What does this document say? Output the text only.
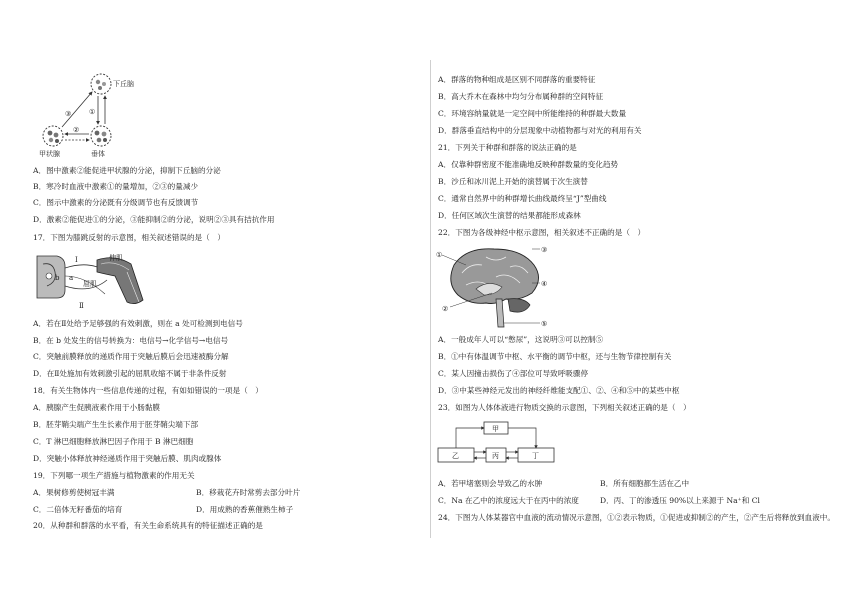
下丘脑
甲状腺	垂体
③
②
①
A．图中激素②能促进甲状腺的分泌，抑制下丘脑的分泌
B．寒冷时血液中激素①的量增加，②③的量减少
C．图示中激素的分泌既有分级调节也有反馈调节
D．激素②能促进①的分泌，③能抑制②的分泌，说明②③具有拮抗作用
17．下图为膝跳反射的示意图，相关叙述错误的是（　）
伸肌
屈肌
Ⅰ
Ⅱ
a
b
A．若在Ⅱ处给予足够强的有效刺激，则在 a 处可检测到电信号
B．在 b 处发生的信号转换为：电信号→化学信号→电信号
C．突触前膜释放的递质作用于突触后膜后会迅速被酶分解
D．在Ⅱ处施加有效刺激引起的屈肌收缩不属于非条件反射
18．有关生物体内一些信息传递的过程，有如如错误的一项是（　）
A．胰腺产生促胰液素作用于小肠黏膜
B．胚芽鞘尖端产生生长素作用于胚芽鞘尖端下部
C．T 淋巴细胞释放淋巴因子作用于 B 淋巴细胞
D．突触小体释放神经递质作用于突触后膜、肌肉或腺体
19．下列哪一项生产措施与植物激素的作用无关
A．果树修剪使树冠丰满	B．移栽花卉时常剪去部分叶片
C．二倍体无籽番茄的培育	D．用成熟的香蕉催熟生柿子
20．从种群和群落的水平看，有关生命系统具有的特征描述正确的是
A．群落的物种组成是区别不同群落的重要特征
B．高大乔木在森林中均匀分布属种群的空间特征
C．环境容纳量就是一定空间中所能维持的种群最大数量
D．群落垂直结构中的分层现象中动植物都与对光的利用有关
21．下列关于种群和群落的说法正确的是
A．仅靠种群密度不能准确地反映种群数量的变化趋势
B．沙丘和冰川泥上开始的演替属于次生演替
C．通常自然界中的种群增长曲线最终呈“J”型曲线
D．任何区域次生演替的结果都能形成森林
22．下图为各级神经中枢示意图，相关叙述不正确的是（　）
①
③
④
②
⑤
A．一般成年人可以“憋尿”，这说明③可以控制⑤
B．①中有体温调节中枢、水平衡的调节中枢，还与生物节律控制有关
C．某人因撞击损伤了④部位可导致呼吸骤停
D．③中某些神经元发出的神经纤维能支配①、②、④和⑤中的某些中枢
23．如图为人体体液进行物质交换的示意图，下列相关叙述正确的是（　）
甲
乙	丙	丁
A．若甲堵塞则会导致乙的水肿	B．所有细胞都生活在乙中
C．Na 在乙中的浓度远大于在丙中的浓度	D．丙、丁的渗透压 90%以上来源于 Na⁺和 Cl
24．下图为人体某器官中血液的流动情况示意图，①②表示物质，①促进或抑制②的产生，②产生后将释放到血液中。
